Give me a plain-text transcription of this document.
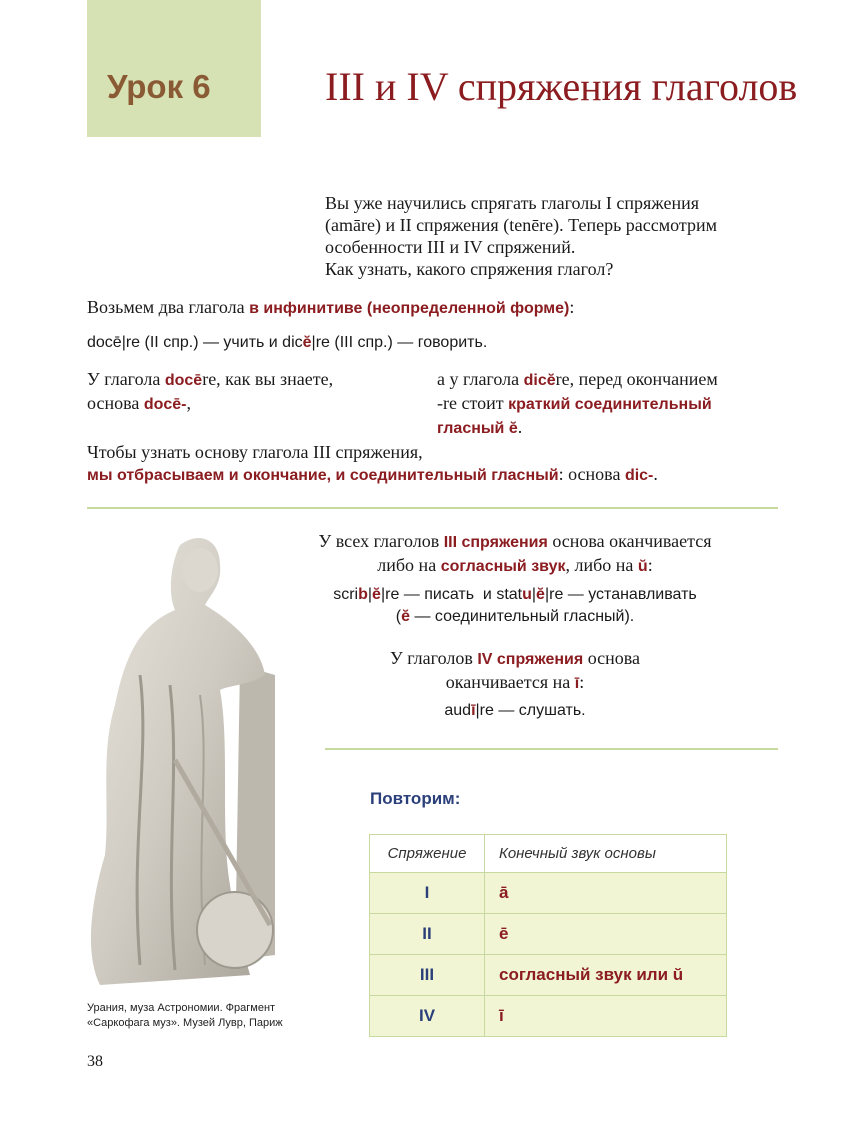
Урок 6	III и IV спряжения глаголов
Вы уже научились спрягать глаголы I спряжения
(amāre) и II спряжения (tenēre). Теперь рассмотрим
особенности III и IV спряжений.
Как узнать, какого спряжения глагол?
Возьмем два глагола в инфинитиве (неопределенной форме):
docē|re (II спр.) — учить и dicĕ|re (III спр.) — говорить.
У глагола docēre, как вы знаете,
основа docē-,
а у глагола dicĕre, перед окончанием
-re стоит краткий соединительный
гласный ĕ.
Чтобы узнать основу глагола III спряжения,
мы отбрасываем и окончание, и соединительный гласный: основа dic-.
Урания, муза Астрономии. Фрагмент
«Саркофага муз». Музей Лувр, Париж
У всех глаголов III спряжения основа оканчивается
либо на согласный звук, либо на ŭ:
scrib|ĕ|re — писать  и statu|ĕ|re — устанавливать
(ĕ — соединительный гласный).
У глаголов IV спряжения основа
оканчивается на ī:
audī|re — слушать.
Повторим:
Спряжение	Конечный звук основы
I	ā
II	ē
III	согласный звук или ŭ
IV	ī
38
